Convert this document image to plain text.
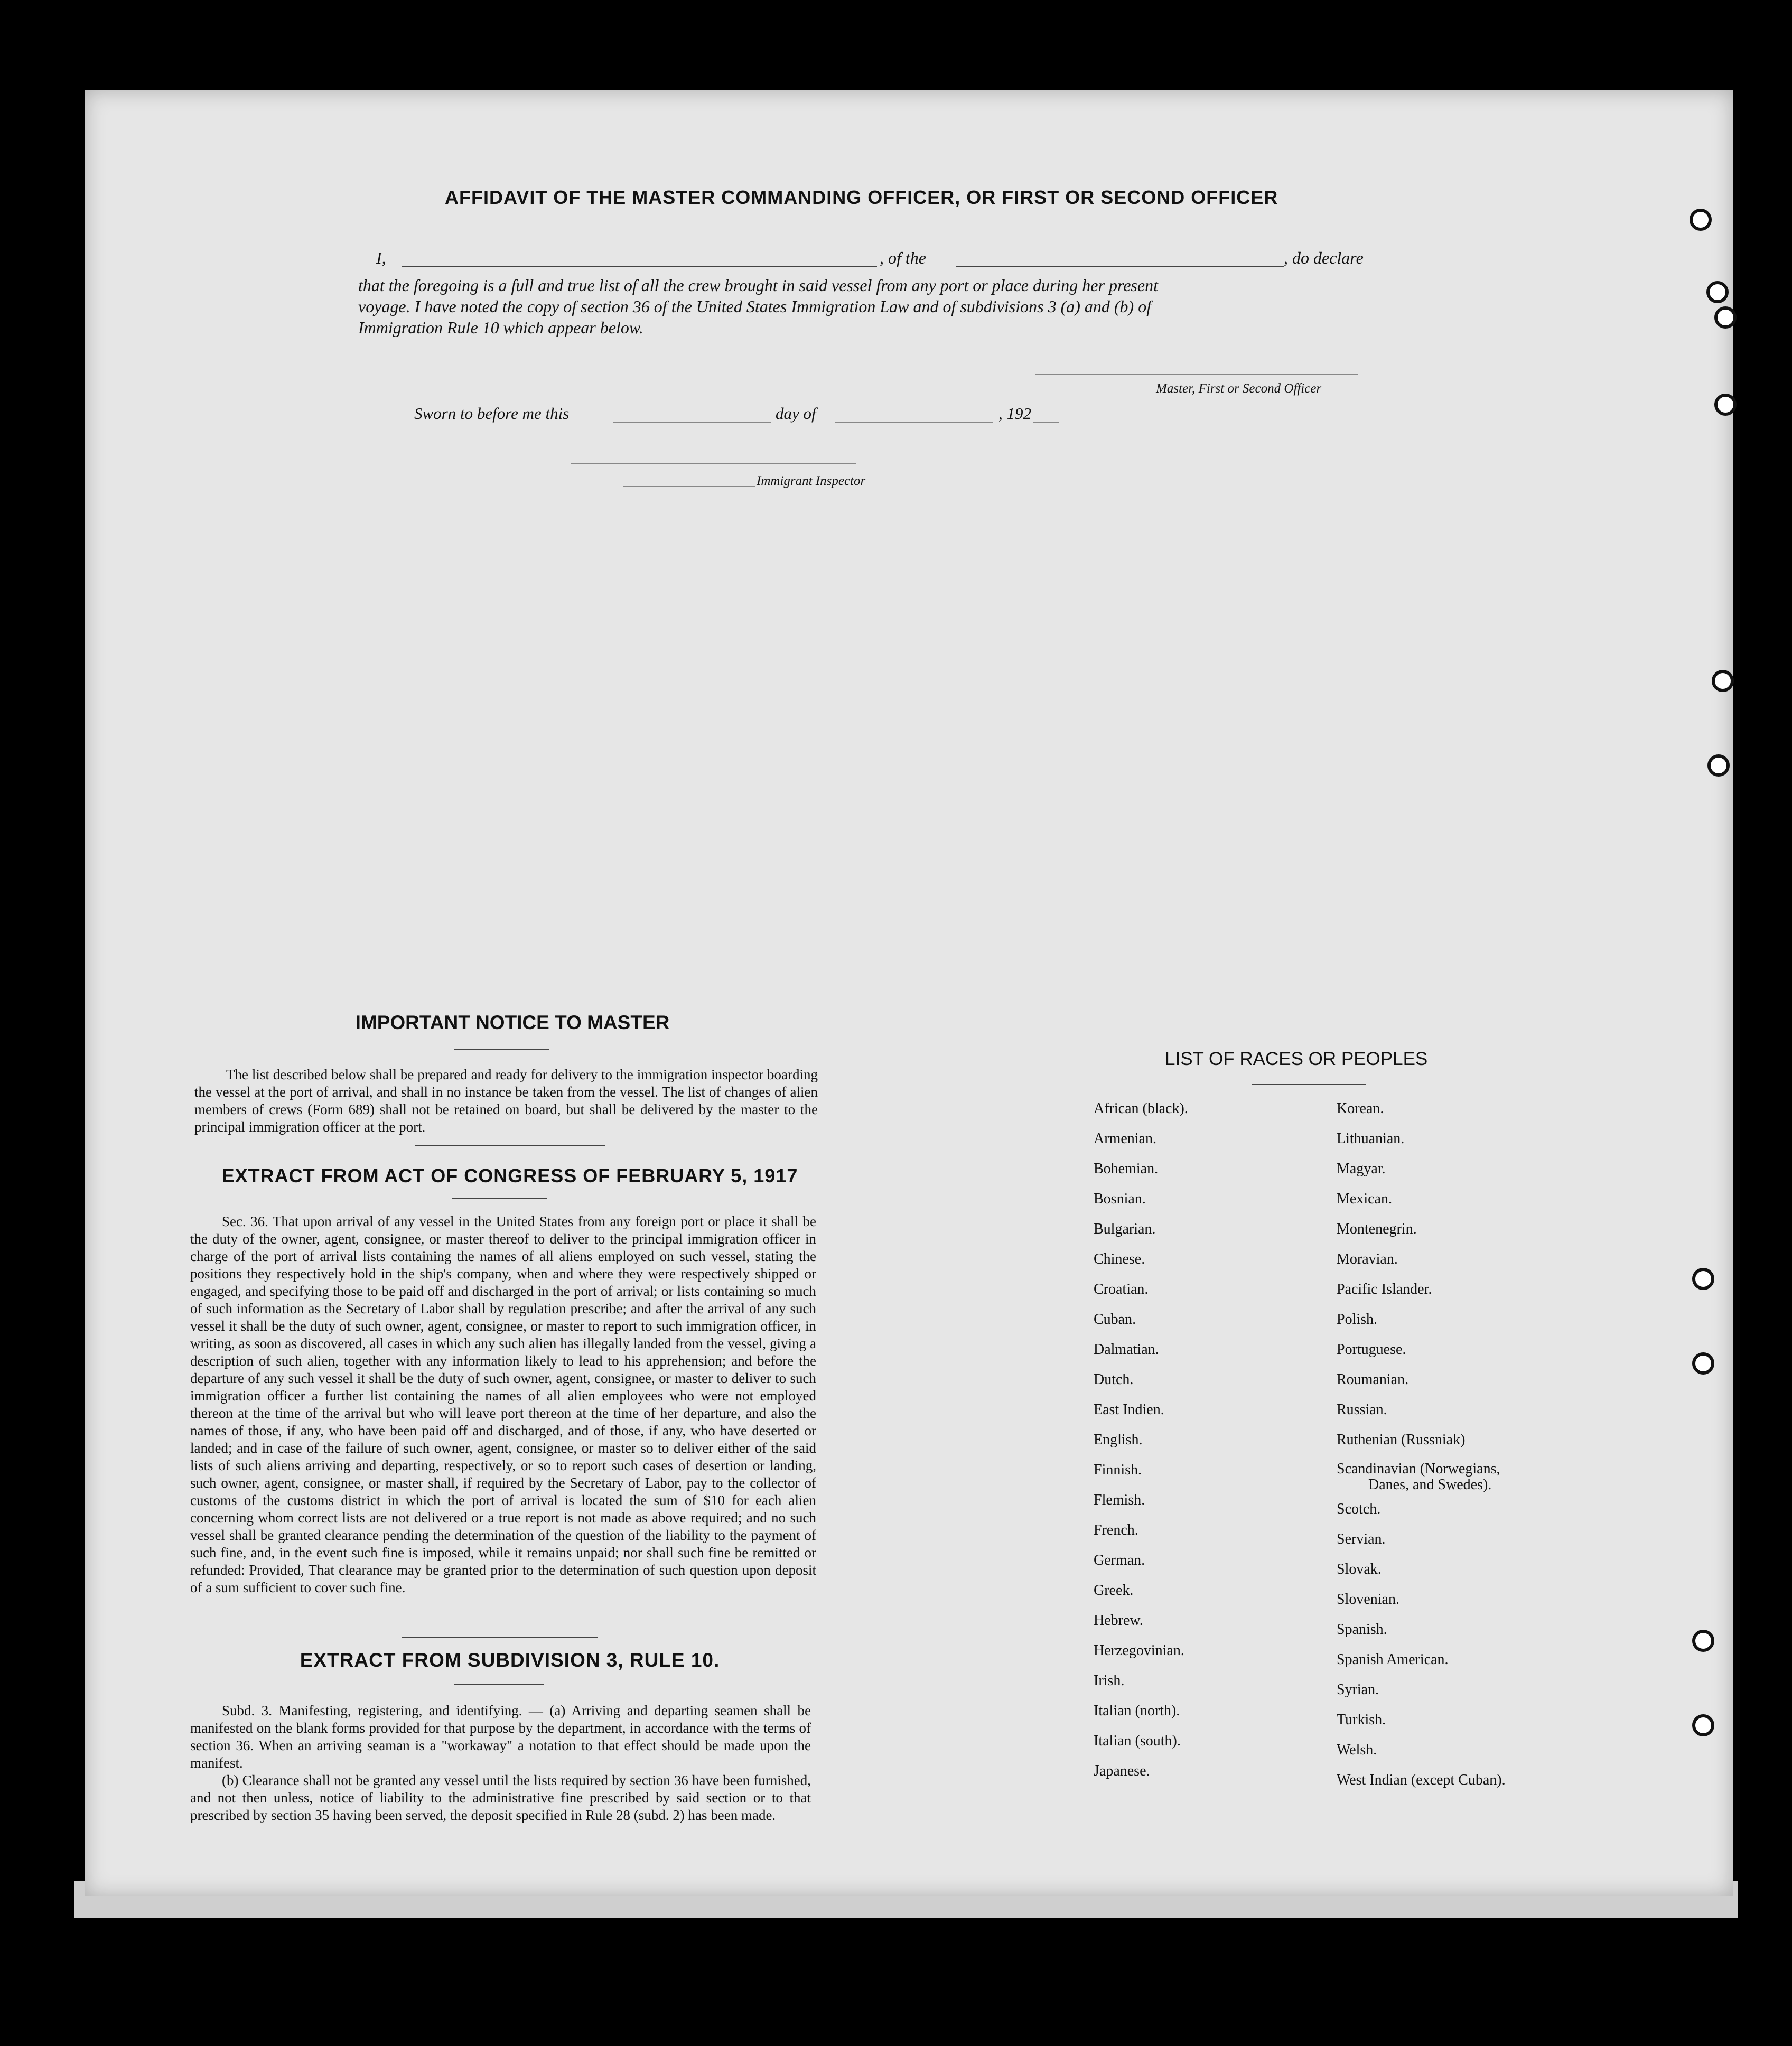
AFFIDAVIT OF THE MASTER COMMANDING OFFICER, OR FIRST OR SECOND OFFICER
I,	, of the	, do declare
that the foregoing is a full and true list of all the crew brought in said vessel from any port or place during her present
voyage. I have noted the copy of section 36 of the United States Immigration Law and of subdivisions 3 (a) and (b) of
Immigration Rule 10 which appear below.
Master, First or Second Officer
Sworn to before me this	day of	, 192
Immigrant Inspector
IMPORTANT NOTICE TO MASTER
The list described below shall be prepared and ready for delivery to the immigration inspector boarding the vessel at the port of arrival, and shall in no instance be taken from the vessel. The list of changes of alien members of crews (Form 689) shall not be retained on board, but shall be delivered by the master to the principal immigration officer at the port.
EXTRACT FROM ACT OF CONGRESS OF FEBRUARY 5, 1917
Sec. 36. That upon arrival of any vessel in the United States from any foreign port or place it shall be the duty of the owner, agent, consignee, or master thereof to deliver to the principal immigration officer in charge of the port of arrival lists containing the names of all aliens employed on such vessel, stating the positions they respectively hold in the ship's company, when and where they were respectively shipped or engaged, and specifying those to be paid off and discharged in the port of arrival; or lists containing so much of such information as the Secretary of Labor shall by regulation prescribe; and after the arrival of any such vessel it shall be the duty of such owner, agent, consignee, or master to report to such immigration officer, in writing, as soon as discovered, all cases in which any such alien has illegally landed from the vessel, giving a description of such alien, together with any information likely to lead to his apprehension; and before the departure of any such vessel it shall be the duty of such owner, agent, consignee, or master to deliver to such immigration officer a further list containing the names of all alien employees who were not employed thereon at the time of the arrival but who will leave port thereon at the time of her departure, and also the names of those, if any, who have been paid off and discharged, and of those, if any, who have deserted or landed; and in case of the failure of such owner, agent, consignee, or master so to deliver either of the said lists of such aliens arriving and departing, respectively, or so to report such cases of desertion or landing, such owner, agent, consignee, or master shall, if required by the Secretary of Labor, pay to the collector of customs of the customs district in which the port of arrival is located the sum of $10 for each alien concerning whom correct lists are not delivered or a true report is not made as above required; and no such vessel shall be granted clearance pending the determination of the question of the liability to the payment of such fine, and, in the event such fine is imposed, while it remains unpaid; nor shall such fine be remitted or refunded: Provided, That clearance may be granted prior to the determination of such question upon deposit of a sum sufficient to cover such fine.
EXTRACT FROM SUBDIVISION 3, RULE 10.
Subd. 3. Manifesting, registering, and identifying. — (a) Arriving and departing seamen shall be manifested on the blank forms provided for that purpose by the department, in accordance with the terms of section 36. When an arriving seaman is a "workaway" a notation to that effect should be made upon the manifest.
(b) Clearance shall not be granted any vessel until the lists required by section 36 have been furnished, and not then unless, notice of liability to the administrative fine prescribed by said section or to that prescribed by section 35 having been served, the deposit specified in Rule 28 (subd. 2) has been made.
LIST OF RACES OR PEOPLES
African (black).
Armenian.
Bohemian.
Bosnian.
Bulgarian.
Chinese.
Croatian.
Cuban.
Dalmatian.
Dutch.
East Indien.
English.
Finnish.
Flemish.
French.
German.
Greek.
Hebrew.
Herzegovinian.
Irish.
Italian (north).
Italian (south).
Japanese.
Korean.
Lithuanian.
Magyar.
Mexican.
Montenegrin.
Moravian.
Pacific Islander.
Polish.
Portuguese.
Roumanian.
Russian.
Ruthenian (Russniak)
Scandinavian (Norwegians,
Danes, and Swedes).
Scotch.
Servian.
Slovak.
Slovenian.
Spanish.
Spanish American.
Syrian.
Turkish.
Welsh.
West Indian (except Cuban).
